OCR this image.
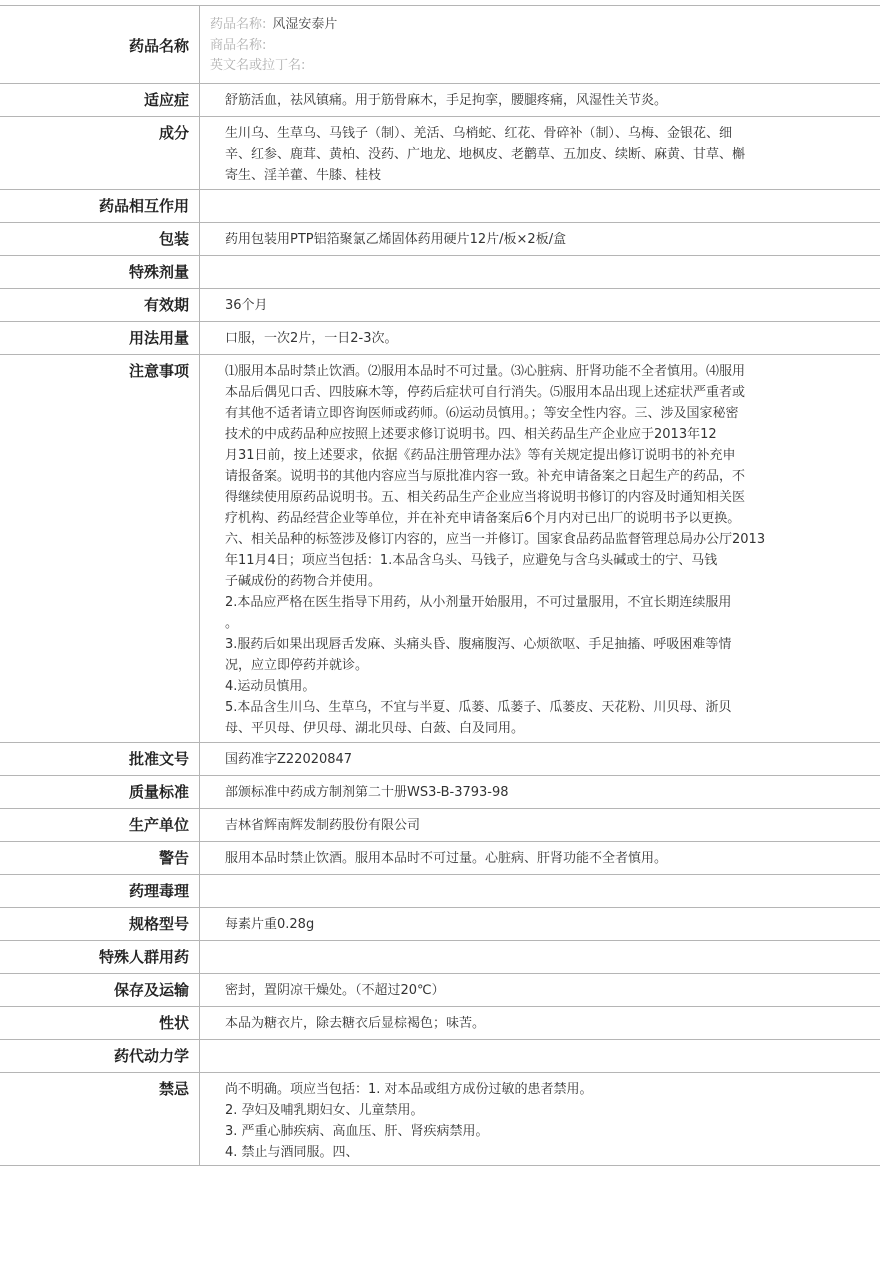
药品名称
药品名称: 风湿安泰片
商品名称:
英文名或拉丁名:
适应症	舒筋活血，祛风镇痛。用于筋骨麻木，手足拘挛，腰腿疼痛，风湿性关节炎。
成分	生川乌、生草乌、马钱子（制）、羌活、乌梢蛇、红花、骨碎补（制）、乌梅、金银花、细
辛、红参、鹿茸、黄柏、没药、广地龙、地枫皮、老鹳草、五加皮、续断、麻黄、甘草、槲
寄生、淫羊藿、牛膝、桂枝
药品相互作用
包装	药用包装用PTP铝箔聚氯乙烯固体药用硬片12片/板×2板/盒
特殊剂量
有效期	36个月
用法用量	口服，一次2片，一日2-3次。
注意事项	⑴服用本品时禁止饮酒。⑵服用本品时不可过量。⑶心脏病、肝肾功能不全者慎用。⑷服用
本品后偶见口舌、四肢麻木等，停药后症状可自行消失。⑸服用本品出现上述症状严重者或
有其他不适者请立即咨询医师或药师。⑹运动员慎用。；等安全性内容。三、涉及国家秘密
技术的中成药品种应按照上述要求修订说明书。四、相关药品生产企业应于2013年12
月31日前，按上述要求，依据《药品注册管理办法》等有关规定提出修订说明书的补充申
请报备案。说明书的其他内容应当与原批准内容一致。补充申请备案之日起生产的药品，不
得继续使用原药品说明书。五、相关药品生产企业应当将说明书修订的内容及时通知相关医
疗机构、药品经营企业等单位，并在补充申请备案后6个月内对已出厂的说明书予以更换。
六、相关品种的标签涉及修订内容的，应当一并修订。国家食品药品监督管理总局办公厅2013
年11月4日；项应当包括：1.本品含乌头、马钱子，应避免与含乌头碱或士的宁、马钱
子碱成份的药物合并使用。
2.本品应严格在医生指导下用药，从小剂量开始服用，不可过量服用，不宜长期连续服用
。
3.服药后如果出现唇舌发麻、头痛头昏、腹痛腹泻、心烦欲呕、手足抽搐、呼吸困难等情
况，应立即停药并就诊。
4.运动员慎用。
5.本品含生川乌、生草乌，不宜与半夏、瓜蒌、瓜蒌子、瓜蒌皮、天花粉、川贝母、浙贝
母、平贝母、伊贝母、湖北贝母、白蔹、白及同用。
批准文号	国药准字Z22020847
质量标准	部颁标准中药成方制剂第二十册WS3-B-3793-98
生产单位	吉林省辉南辉发制药股份有限公司
警告	服用本品时禁止饮酒。服用本品时不可过量。心脏病、肝肾功能不全者慎用。
药理毒理
规格型号	每素片重0.28g
特殊人群用药
保存及运输	密封，置阴凉干燥处。（不超过20℃）
性状	本品为糖衣片，除去糖衣后显棕褐色；味苦。
药代动力学
禁忌	尚不明确。项应当包括：1. 对本品或组方成份过敏的患者禁用。
2. 孕妇及哺乳期妇女、儿童禁用。
3. 严重心肺疾病、高血压、肝、肾疾病禁用。
4. 禁止与酒同服。四、
